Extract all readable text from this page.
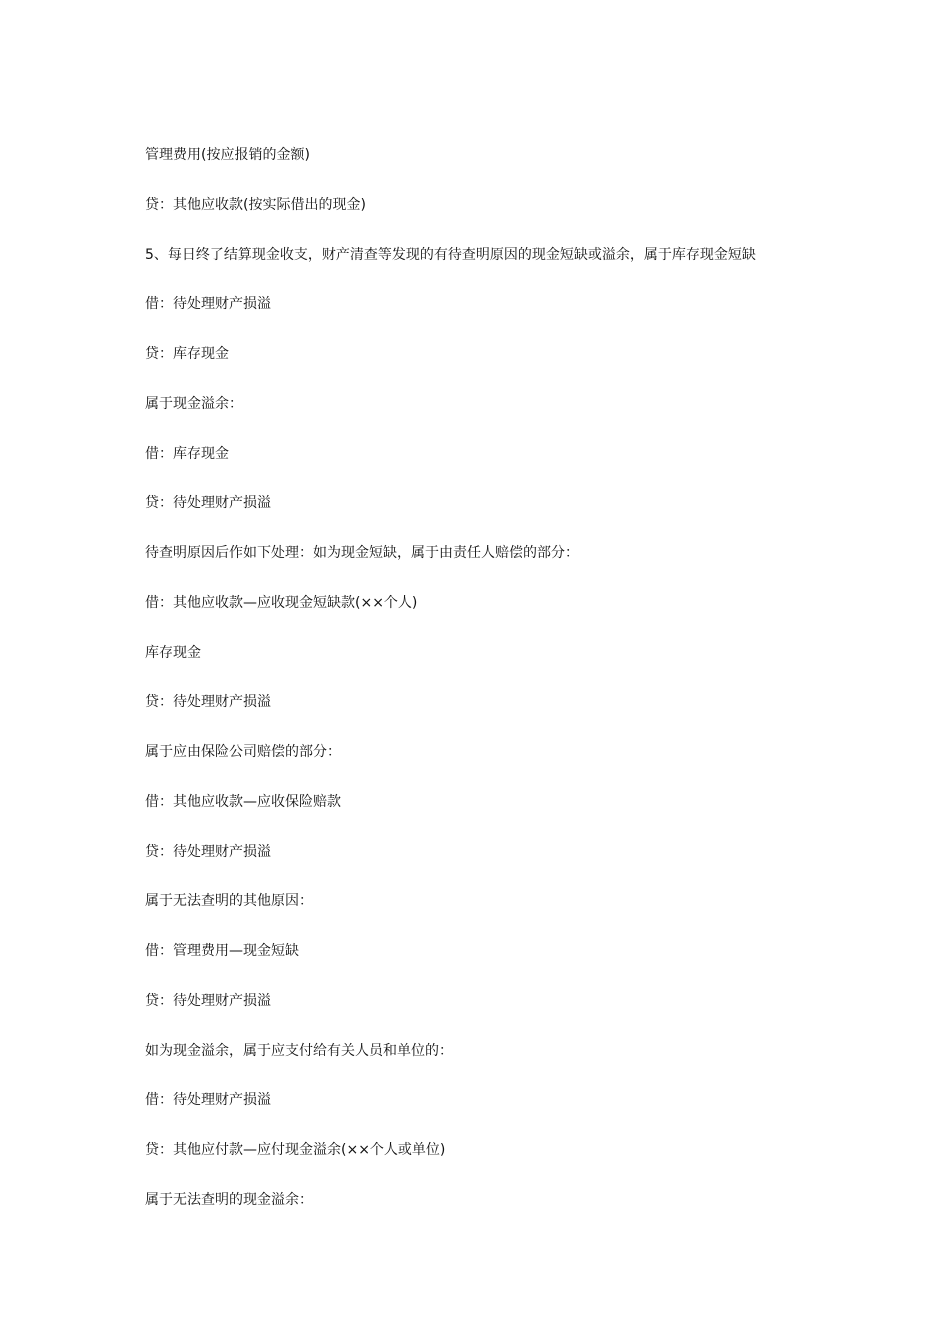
管理费用(按应报销的金额)

贷：其他应收款(按实际借出的现金)

5、每日终了结算现金收支，财产清查等发现的有待查明原因的现金短缺或溢余，属于库存现金短缺

借：待处理财产损溢

贷：库存现金

属于现金溢余：

借：库存现金

贷：待处理财产损溢

待查明原因后作如下处理：如为现金短缺，属于由责任人赔偿的部分：

借：其他应收款—应收现金短缺款(××个人)

库存现金

贷：待处理财产损溢

属于应由保险公司赔偿的部分：

借：其他应收款—应收保险赔款

贷：待处理财产损溢

属于无法查明的其他原因：

借：管理费用—现金短缺

贷：待处理财产损溢

如为现金溢余，属于应支付给有关人员和单位的：

借：待处理财产损溢

贷：其他应付款—应付现金溢余(××个人或单位)

属于无法查明的现金溢余：
